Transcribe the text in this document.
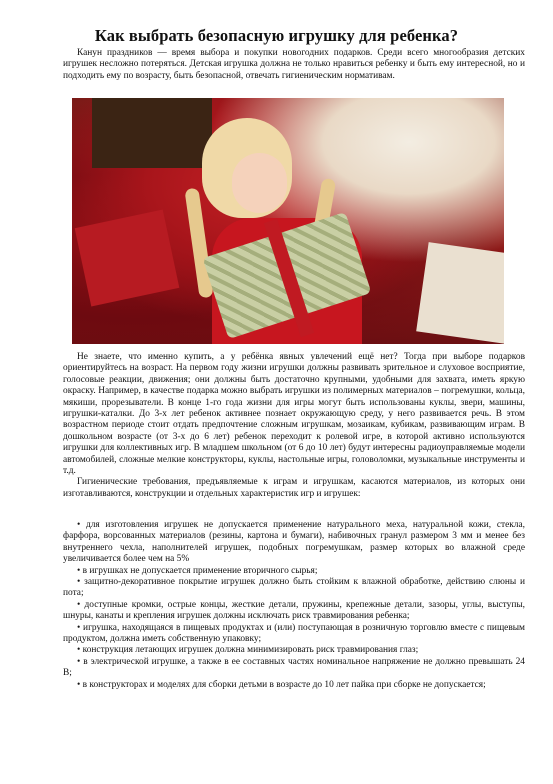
Как выбрать безопасную игрушку для ребенка?

Канун праздников — время выбора и покупки новогодних подарков. Среди всего многообразия детских игрушек несложно потеряться. Детская игрушка должна не только нравиться ребенку и быть ему интересной, но и подходить ему по возрасту, быть безопасной, отвечать гигиеническим нормативам.

Не знаете, что именно купить, а у ребёнка явных увлечений ещё нет? Тогда при выборе подарков ориентируйтесь на возраст. На первом году жизни игрушки должны развивать зрительное и слуховое восприятие, голосовые реакции, движения; они должны быть достаточно крупными, удобными для захвата, иметь яркую окраску. Например, в качестве подарка можно выбрать игрушки из полимерных материалов – погремушки, кольца, мякиши, прорезыватели. В конце 1-го года жизни для игры могут быть использованы куклы, звери, машины, игрушки-каталки. До 3-х лет ребенок активнее познает окружающую среду, у него развивается речь. В этом возрастном периоде стоит отдать предпочтение сложным игрушкам, мозаикам, кубикам, развивающим играм. В дошкольном возрасте (от 3-х до 6 лет) ребенок переходит к ролевой игре, в которой активно используются игрушки для коллективных игр. В младшем школьном (от 6 до 10 лет) будут интересны радиоуправляемые модели автомобилей, сложные мелкие конструкторы, куклы, настольные игры, головоломки, музыкальные инструменты и т.д.

Гигиенические требования, предъявляемые к играм и игрушкам, касаются материалов, из которых они изготавливаются, конструкции и отдельных характеристик игр и игрушек:

• для изготовления игрушек не допускается применение натурального меха, натуральной кожи, стекла, фарфора, ворсованных материалов (резины, картона и бумаги), набивочных гранул размером 3 мм и менее без внутреннего чехла, наполнителей игрушек, подобных погремушкам, размер которых во влажной среде увеличивается более чем на 5%

• в игрушках не допускается применение вторичного сырья;

• защитно-декоративное покрытие игрушек должно быть стойким к влажной обработке, действию слюны и пота;

• доступные кромки, острые концы, жесткие детали, пружины, крепежные детали, зазоры, углы, выступы, шнуры, канаты и крепления игрушек должны исключать риск травмирования ребенка;

• игрушка, находящаяся в пищевых продуктах и (или) поступающая в розничную торговлю вместе с пищевым продуктом, должна иметь собственную упаковку;

• конструкция летающих игрушек должна минимизировать риск травмирования глаз;

• в электрической игрушке, а также в ее составных частях номинальное напряжение не должно превышать 24 В;

• в конструкторах и моделях для сборки детьми в возрасте до 10 лет пайка при сборке не допускается;
